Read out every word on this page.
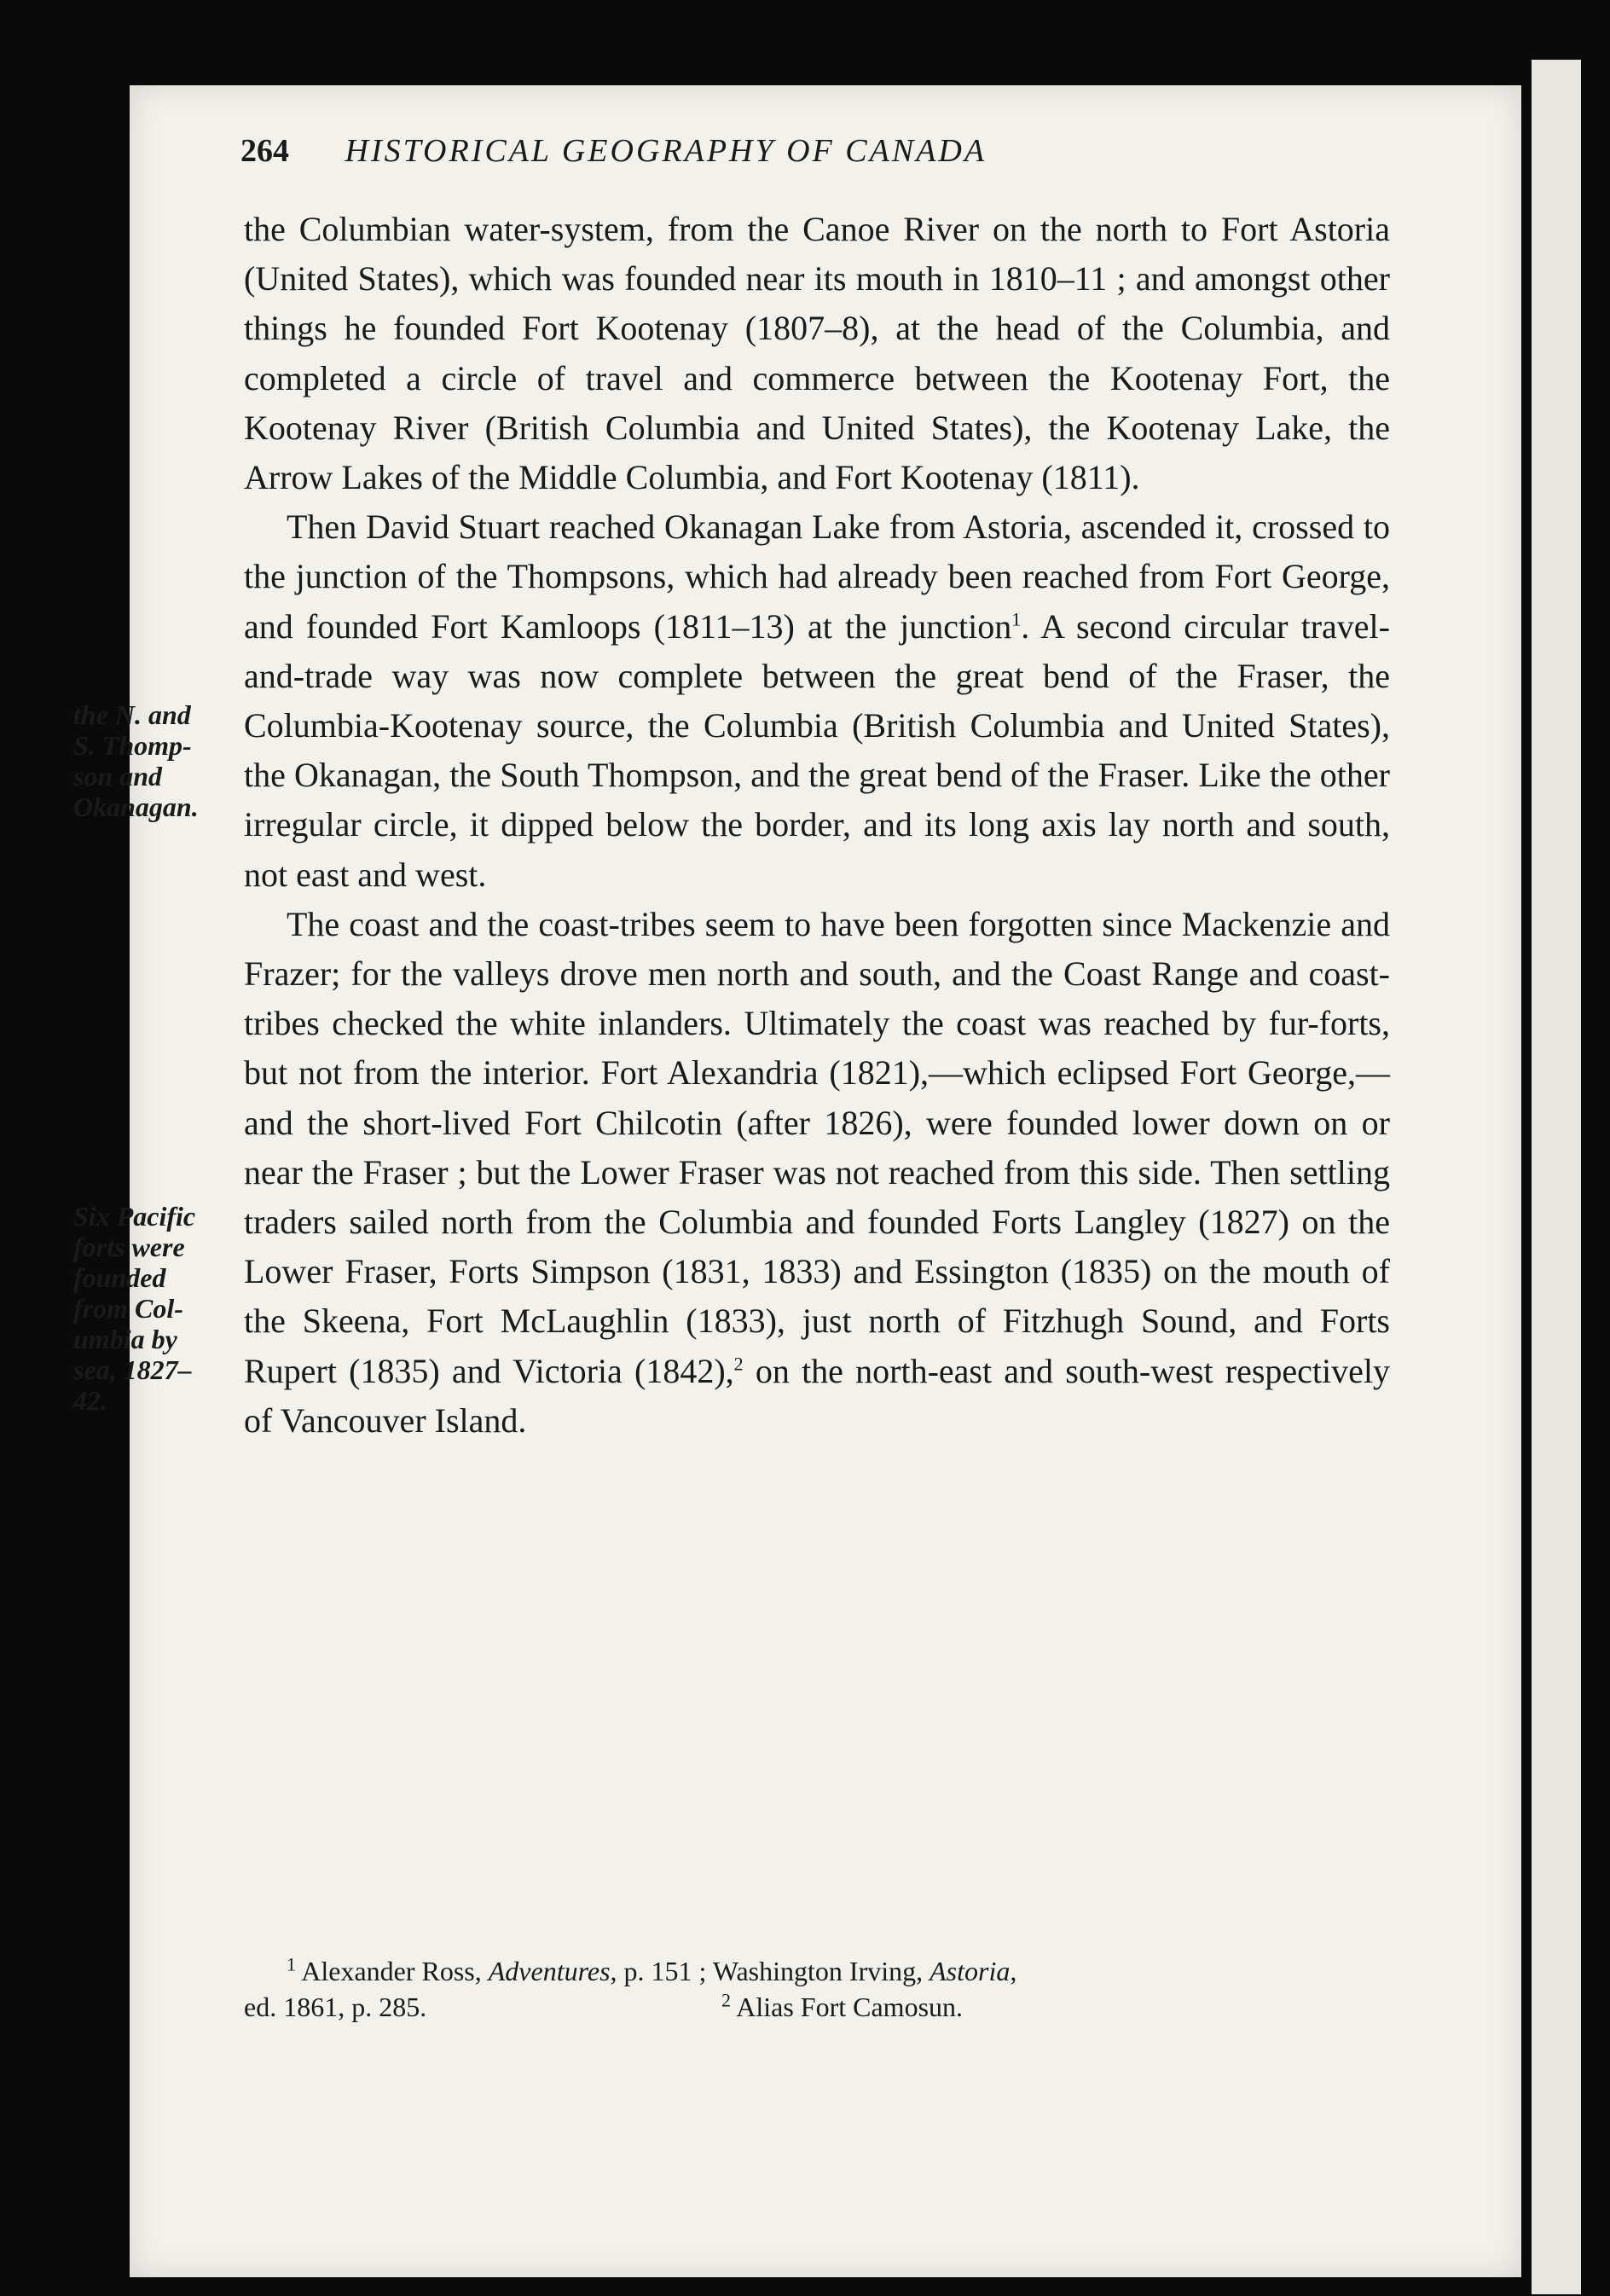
264 HISTORICAL GEOGRAPHY OF CANADA
the N. and
S. Thomp-
son and
Okanagan.
Six Pacific
forts were
founded
from Col-
umbia by
sea, 1827–
42.

the Columbian water-system, from the Canoe River on the north to Fort Astoria (United States), which was founded near its mouth in 1810–11 ; and amongst other things he founded Fort Kootenay (1807–8), at the head of the Columbia, and completed a circle of travel and commerce between the Kootenay Fort, the Kootenay River (British Columbia and United States), the Kootenay Lake, the Arrow Lakes of the Middle Columbia, and Fort Kootenay (1811).

Then David Stuart reached Okanagan Lake from Astoria, ascended it, crossed to the junction of the Thompsons, which had already been reached from Fort George, and founded Fort Kamloops (1811–13) at the junction$^1$. A second circular travel-and-trade way was now complete between the great bend of the Fraser, the Columbia-Kootenay source, the Columbia (British Columbia and United States), the Okanagan, the South Thompson, and the great bend of the Fraser. Like the other irregular circle, it dipped below the border, and its long axis lay north and south, not east and west.

The coast and the coast-tribes seem to have been forgotten since Mackenzie and Frazer; for the valleys drove men north and south, and the Coast Range and coast-tribes checked the white inlanders. Ultimately the coast was reached by fur-forts, but not from the interior. Fort Alexandria (1821),—which eclipsed Fort George,—and the short-lived Fort Chilcotin (after 1826), were founded lower down on or near the Fraser ; but the Lower Fraser was not reached from this side. Then settling traders sailed north from the Columbia and founded Forts Langley (1827) on the Lower Fraser, Forts Simpson (1831, 1833) and Essington (1835) on the mouth of the Skeena, Fort McLaughlin (1833), just north of Fitzhugh Sound, and Forts Rupert (1835) and Victoria (1842),$^2$ on the north-east and south-west respectively of Vancouver Island.

$^1$ Alexander Ross, Adventures, p. 151 ; Washington Irving, Astoria,
ed. 1861, p. 285.	$^2$ Alias Fort Camosun.
